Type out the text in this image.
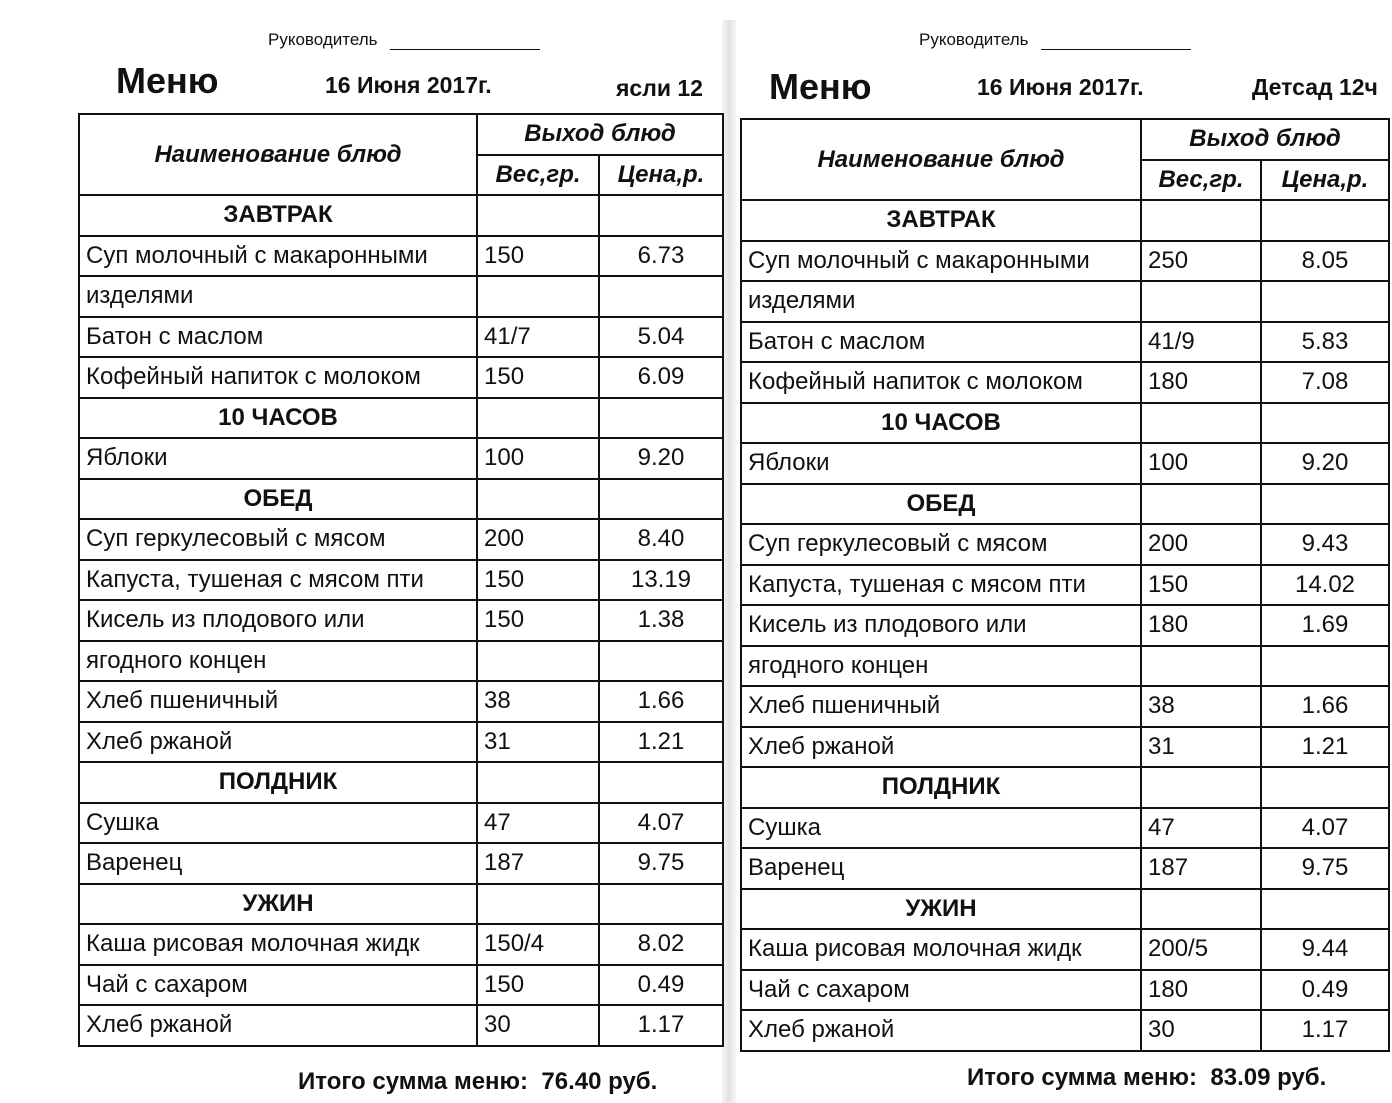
Руководитель
Меню	16 Июня 2017г.	ясли 12
Наименование блюд	Выход блюд	
	Вес,гр.	Цена,р.
ЗАВТРАК		
Суп молочный с макаронными	150	6.73
изделями		
Батон с маслом	41/7	5.04
Кофейный напиток с молоком	150	6.09
10 ЧАСОВ		
Яблоки	100	9.20
ОБЕД		
Суп геркулесовый с мясом	200	8.40
Капуста, тушеная с мясом пти	150	13.19
Кисель из плодового или	150	1.38
ягодного концен		
Хлеб пшеничный	38	1.66
Хлеб ржаной	31	1.21
ПОЛДНИК		
Сушка	47	4.07
Варенец	187	9.75
УЖИН		
Каша рисовая молочная жидк	150/4	8.02
Чай с сахаром	150	0.49
Хлеб ржаной	30	1.17
Итого сумма меню: 76.40 руб.
Руководитель
Меню	16 Июня 2017г.	Детсад 12ч
Наименование блюд	Выход блюд	
	Вес,гр.	Цена,р.
ЗАВТРАК		
Суп молочный с макаронными	250	8.05
изделями		
Батон с маслом	41/9	5.83
Кофейный напиток с молоком	180	7.08
10 ЧАСОВ		
Яблоки	100	9.20
ОБЕД		
Суп геркулесовый с мясом	200	9.43
Капуста, тушеная с мясом пти	150	14.02
Кисель из плодового или	180	1.69
ягодного концен		
Хлеб пшеничный	38	1.66
Хлеб ржаной	31	1.21
ПОЛДНИК		
Сушка	47	4.07
Варенец	187	9.75
УЖИН		
Каша рисовая молочная жидк	200/5	9.44
Чай с сахаром	180	0.49
Хлеб ржаной	30	1.17
Итого сумма меню: 83.09 руб.
